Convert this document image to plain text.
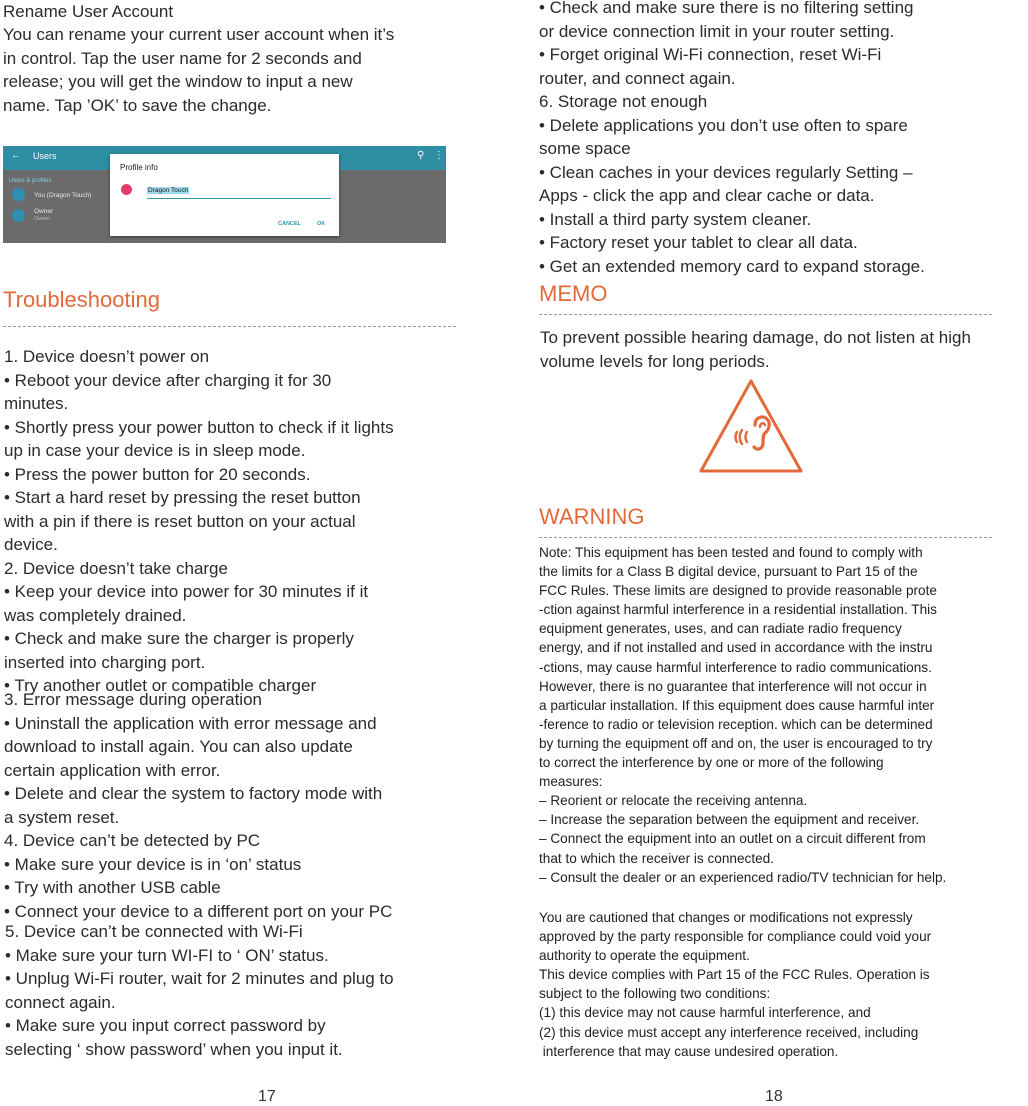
Rename User Account
You can rename your current user account when it’s
in control. Tap the user name for 2 seconds and
release; you will get the window to input a new
name. Tap ’OK’ to save the change.
← Users	⚲ ⋮
Users & profiles
You (Dragon Touch)
Owner
Owner
Profile info
Dragon Touch
CANCEL	OK
Troubleshooting
1. Device doesn’t power on
• Reboot your device after charging it for 30
minutes.
• Shortly press your power button to check if it lights
up in case your device is in sleep mode.
• Press the power button for 20 seconds.
• Start a hard reset by pressing the reset button
with a pin if there is reset button on your actual
device.
2. Device doesn’t take charge
• Keep your device into power for 30 minutes if it
was completely drained.
• Check and make sure the charger is properly
inserted into charging port.
• Try another outlet or compatible charger
3. Error message during operation
• Uninstall the application with error message and
download to install again. You can also update
certain application with error.
• Delete and clear the system to factory mode with
a system reset.
4. Device can’t be detected by PC
• Make sure your device is in ‘on’ status
• Try with another USB cable
• Connect your device to a different port on your PC
5. Device can’t be connected with Wi-Fi
• Make sure your turn WI-FI to ‘ ON’ status.
• Unplug Wi-Fi router, wait for 2 minutes and plug to
connect again.
• Make sure you input correct password by
selecting ‘ show password’ when you input it.
17
• Check and make sure there is no filtering setting
or device connection limit in your router setting.
• Forget original Wi-Fi connection, reset Wi-Fi
router, and connect again.
6. Storage not enough
• Delete applications you don’t use often to spare
some space
• Clean caches in your devices regularly Setting –
Apps - click the app and clear cache or data.
• Install a third party system cleaner.
• Factory reset your tablet to clear all data.
• Get an extended memory card to expand storage.
MEMO
To prevent possible hearing damage, do not listen at high
volume levels for long periods.
WARNING
Note: This equipment has been tested and found to comply with
the limits for a Class B digital device, pursuant to Part 15 of the
FCC Rules. These limits are designed to provide reasonable prote
-ction against harmful interference in a residential installation. This
equipment generates, uses, and can radiate radio frequency
energy, and if not installed and used in accordance with the instru
-ctions, may cause harmful interference to radio communications.
However, there is no guarantee that interference will not occur in
a particular installation. If this equipment does cause harmful inter
-ference to radio or television reception. which can be determined
by turning the equipment off and on, the user is encouraged to try
to correct the interference by one or more of the following
measures:
– Reorient or relocate the receiving antenna.
– Increase the separation between the equipment and receiver.
– Connect the equipment into an outlet on a circuit different from
that to which the receiver is connected.
– Consult the dealer or an experienced radio/TV technician for help.
You are cautioned that changes or modifications not expressly
approved by the party responsible for compliance could void your
authority to operate the equipment.
This device complies with Part 15 of the FCC Rules. Operation is
subject to the following two conditions:
(1) this device may not cause harmful interference, and
(2) this device must accept any interference received, including
interference that may cause undesired operation.
18
